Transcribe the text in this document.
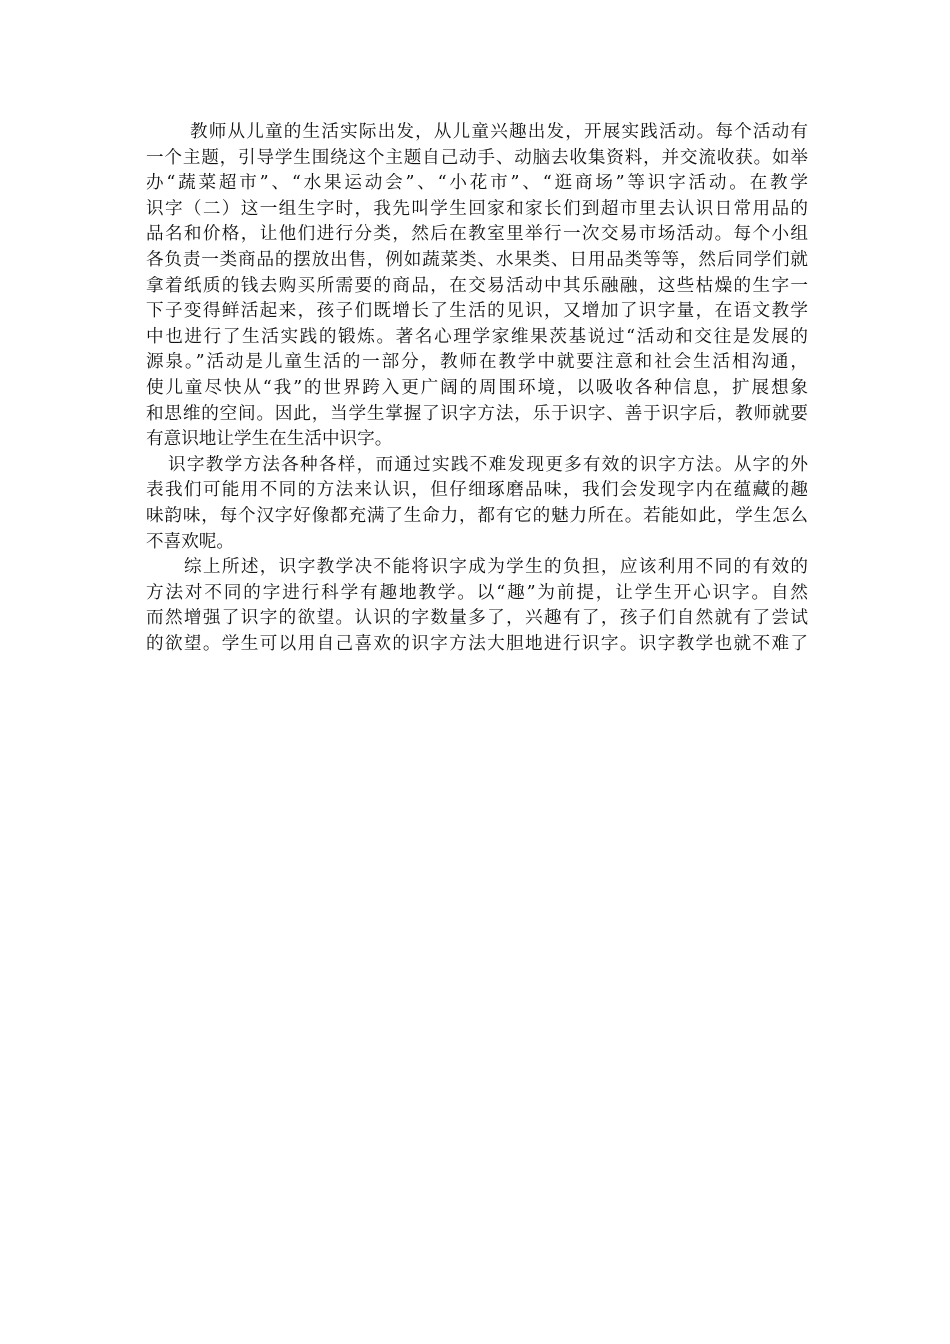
教师从儿童的生活实际出发，从儿童兴趣出发，开展实践活动。每个活动有
一个主题，引导学生围绕这个主题自己动手、动脑去收集资料，并交流收获。如举
办“蔬菜超市”、“水果运动会”、“小花市”、“逛商场”等识字活动。在教学
识字（二）这一组生字时，我先叫学生回家和家长们到超市里去认识日常用品的
品名和价格，让他们进行分类，然后在教室里举行一次交易市场活动。每个小组
各负责一类商品的摆放出售，例如蔬菜类、水果类、日用品类等等，然后同学们就
拿着纸质的钱去购买所需要的商品，在交易活动中其乐融融，这些枯燥的生字一
下子变得鲜活起来，孩子们既增长了生活的见识，又增加了识字量，在语文教学
中也进行了生活实践的锻炼。著名心理学家维果茨基说过“活动和交往是发展的
源泉。”活动是儿童生活的一部分，教师在教学中就要注意和社会生活相沟通，
使儿童尽快从“我”的世界跨入更广阔的周围环境，以吸收各种信息，扩展想象
和思维的空间。因此，当学生掌握了识字方法，乐于识字、善于识字后，教师就要
有意识地让学生在生活中识字。
识字教学方法各种各样，而通过实践不难发现更多有效的识字方法。从字的外
表我们可能用不同的方法来认识，但仔细琢磨品味，我们会发现字内在蕴藏的趣
味韵味，每个汉字好像都充满了生命力，都有它的魅力所在。若能如此，学生怎么
不喜欢呢。
综上所述，识字教学决不能将识字成为学生的负担，应该利用不同的有效的
方法对不同的字进行科学有趣地教学。以“趣”为前提，让学生开心识字。自然
而然增强了识字的欲望。认识的字数量多了，兴趣有了，孩子们自然就有了尝试
的欲望。学生可以用自己喜欢的识字方法大胆地进行识字。识字教学也就不难了
